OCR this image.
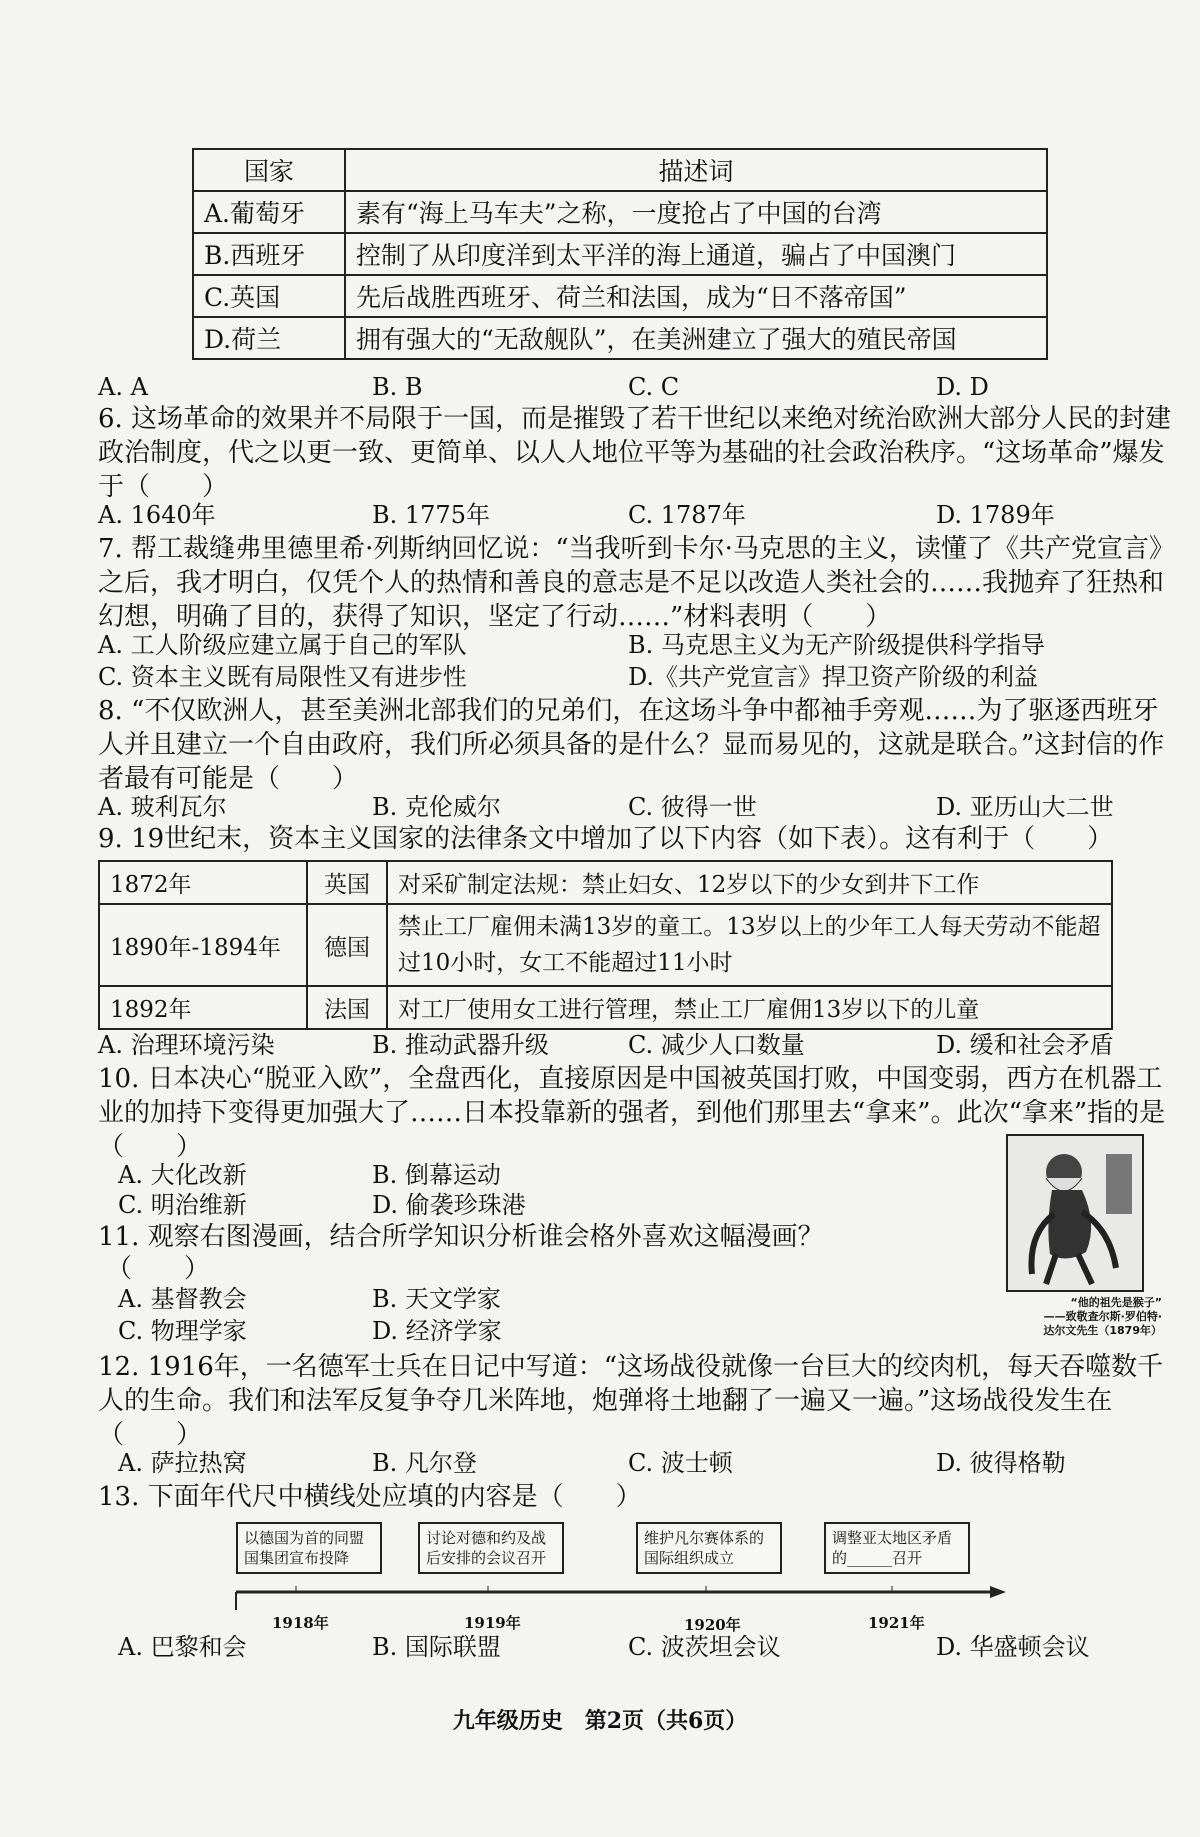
国家	描述词
A.葡萄牙	素有“海上马车夫”之称，一度抢占了中国的台湾
B.西班牙	控制了从印度洋到太平洋的海上通道，骗占了中国澳门
C.英国	先后战胜西班牙、荷兰和法国，成为“日不落帝国”
D.荷兰	拥有强大的“无敌舰队”，在美洲建立了强大的殖民帝国
A. A	B. B	C. C	D. D
6. 这场革命的效果并不局限于一国，而是摧毁了若干世纪以来绝对统治欧洲大部分人民的封建政治制度，代之以更一致、更简单、以人人地位平等为基础的社会政治秩序。“这场革命”爆发于（　　）
A. 1640年	B. 1775年	C. 1787年	D. 1789年
7. 帮工裁缝弗里德里希·列斯纳回忆说：“当我听到卡尔·马克思的主义，读懂了《共产党宣言》之后，我才明白，仅凭个人的热情和善良的意志是不足以改造人类社会的……我抛弃了狂热和幻想，明确了目的，获得了知识，坚定了行动……”材料表明（　　）
A. 工人阶级应建立属于自己的军队	B. 马克思主义为无产阶级提供科学指导
C. 资本主义既有局限性又有进步性	D.《共产党宣言》捍卫资产阶级的利益
8. “不仅欧洲人，甚至美洲北部我们的兄弟们，在这场斗争中都袖手旁观……为了驱逐西班牙人并且建立一个自由政府，我们所必须具备的是什么？显而易见的，这就是联合。”这封信的作者最有可能是（　　）
A. 玻利瓦尔	B. 克伦威尔	C. 彼得一世	D. 亚历山大二世
9. 19世纪末，资本主义国家的法律条文中增加了以下内容（如下表）。这有利于（　　）
1872年	英国	对采矿制定法规：禁止妇女、12岁以下的少女到井下工作
1890年-1894年	德国	禁止工厂雇佣未满13岁的童工。13岁以上的少年工人每天劳动不能超过10小时，女工不能超过11小时
1892年	法国	对工厂使用女工进行管理，禁止工厂雇佣13岁以下的儿童
A. 治理环境污染	B. 推动武器升级	C. 减少人口数量	D. 缓和社会矛盾
10. 日本决心“脱亚入欧”，全盘西化，直接原因是中国被英国打败，中国变弱，西方在机器工业的加持下变得更加强大了……日本投靠新的强者，到他们那里去“拿来”。此次“拿来”指的是（　　）
A. 大化改新	B. 倒幕运动
C. 明治维新	D. 偷袭珍珠港
11. 观察右图漫画，结合所学知识分析谁会格外喜欢这幅漫画？
（　　）
A. 基督教会	B. 天文学家
C. 物理学家	D. 经济学家
“他的祖先是猴子”
——致敬查尔斯·罗伯特·
达尔文先生（1879年）
12. 1916年，一名德军士兵在日记中写道：“这场战役就像一台巨大的绞肉机，每天吞噬数千人的生命。我们和法军反复争夺几米阵地，炮弹将土地翻了一遍又一遍。”这场战役发生在（　　）
A. 萨拉热窝	B. 凡尔登	C. 波士顿	D. 彼得格勒
13. 下面年代尺中横线处应填的内容是（　　）
以德国为首的同盟国集团宣布投降
讨论对德和约及战后安排的会议召开
维护凡尔赛体系的国际组织成立
调整亚太地区矛盾的______召开
1918年	1919年	1920年	1921年
A. 巴黎和会	B. 国际联盟	C. 波茨坦会议	D. 华盛顿会议
九年级历史　第2页（共6页）
